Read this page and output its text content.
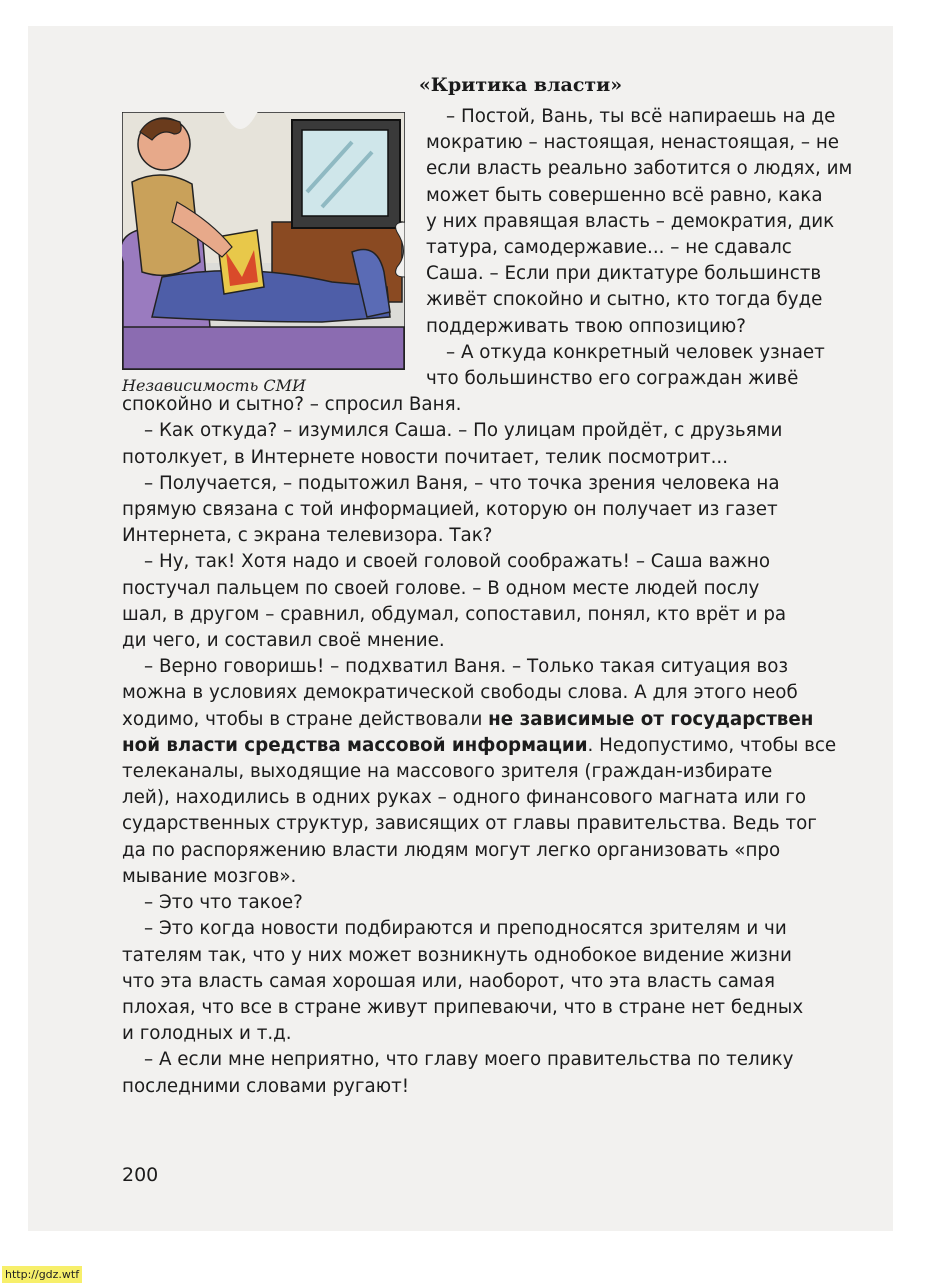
«Критика власти»
Независимость СМИ

– Постой, Вань, ты всё напираешь на де

мократию – настоящая, ненастоящая, – не

если власть реально заботится о людях, им

может быть совершенно всё равно, кака

у них правящая власть – демократия, дик

татура, самодержавие... – не сдавалс

Саша. – Если при диктатуре большинств

живёт спокойно и сытно, кто тогда буде

поддерживать твою оппозицию?

– А откуда конкретный человек узнает

что большинство его сограждан живё

спокойно и сытно? – спросил Ваня.

– Как откуда? – изумился Саша. – По улицам пройдёт, с друзьями

потолкует, в Интернете новости почитает, телик посмотрит...

– Получается, – подытожил Ваня, – что точка зрения человека на

прямую связана с той информацией, которую он получает из газет

Интернета, с экрана телевизора. Так?

– Ну, так! Хотя надо и своей головой соображать! – Саша важно

постучал пальцем по своей голове. – В одном месте людей послу

шал, в другом – сравнил, обдумал, сопоставил, понял, кто врёт и ра

ди чего, и составил своё мнение.

– Верно говоришь! – подхватил Ваня. – Только такая ситуация воз

можна в условиях демократической свободы слова. А для этого необ

ходимо, чтобы в стране действовали не зависимые от государствен

ной власти средства массовой информации. Недопустимо, чтобы все

телеканалы, выходящие на массового зрителя (граждан-избирате

лей), находились в одних руках – одного финансового магната или го

сударственных структур, зависящих от главы правительства. Ведь тог

да по распоряжению власти людям могут легко организовать «про

мывание мозгов».

– Это что такое?

– Это когда новости подбираются и преподносятся зрителям и чи

тателям так, что у них может возникнуть однобокое видение жизни

что эта власть самая хорошая или, наоборот, что эта власть самая

плохая, что все в стране живут припеваючи, что в стране нет бедных

и голодных и т.д.

– А если мне неприятно, что главу моего правительства по телику

последними словами ругают!

200
http://gdz.wtf
